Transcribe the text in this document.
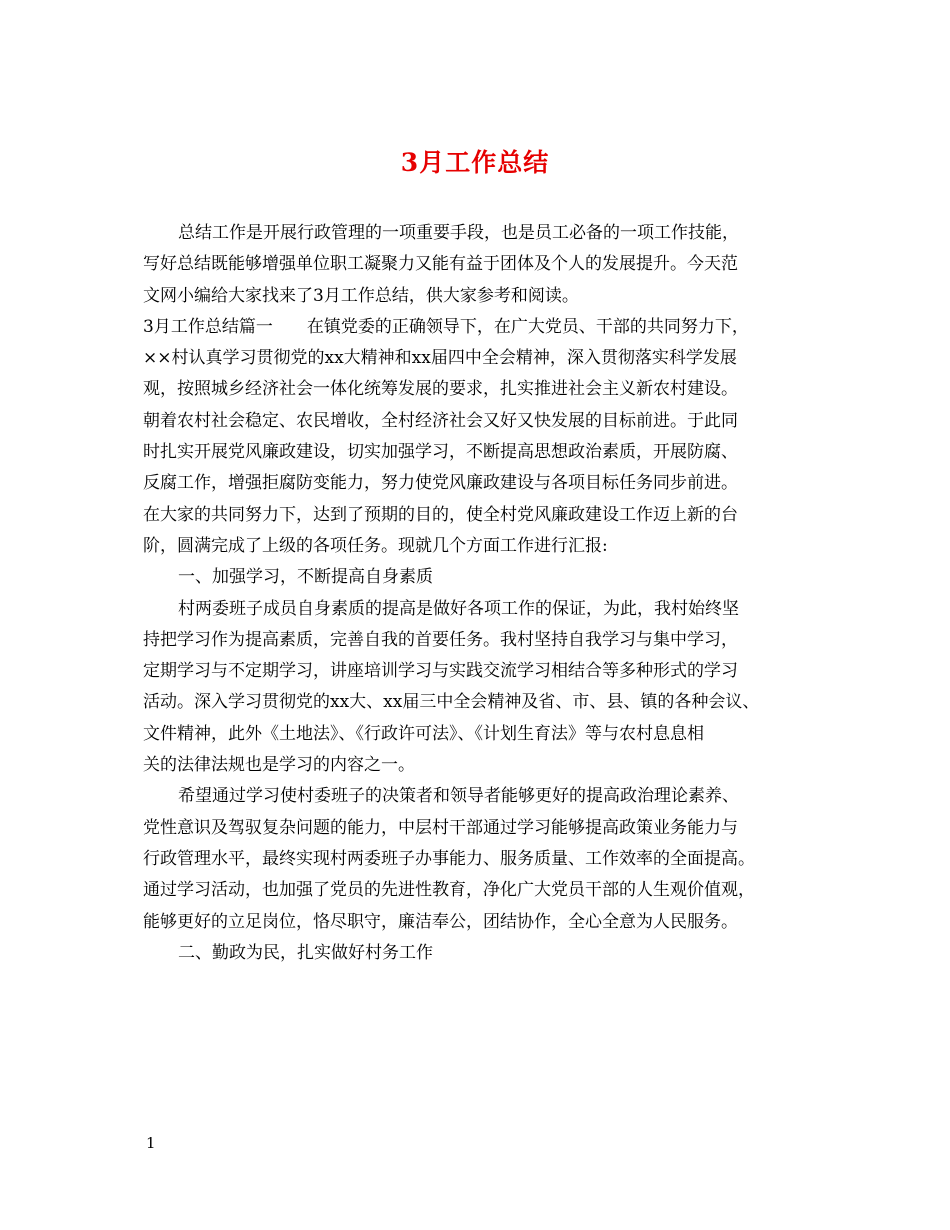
3月工作总结
总结工作是开展行政管理的一项重要手段，也是员工必备的一项工作技能，
写好总结既能够增强单位职工凝聚力又能有益于团体及个人的发展提升。今天范
文网小编给大家找来了3月工作总结，供大家参考和阅读。
3月工作总结篇一　　在镇党委的正确领导下，在广大党员、干部的共同努力下，
××村认真学习贯彻党的xx大精神和xx届四中全会精神，深入贯彻落实科学发展
观，按照城乡经济社会一体化统筹发展的要求，扎实推进社会主义新农村建设。
朝着农村社会稳定、农民增收，全村经济社会又好又快发展的目标前进。于此同
时扎实开展党风廉政建设，切实加强学习，不断提高思想政治素质，开展防腐、
反腐工作，增强拒腐防变能力，努力使党风廉政建设与各项目标任务同步前进。
在大家的共同努力下，达到了预期的目的，使全村党风廉政建设工作迈上新的台
阶，圆满完成了上级的各项任务。现就几个方面工作进行汇报:
一、加强学习，不断提高自身素质
村两委班子成员自身素质的提高是做好各项工作的保证，为此，我村始终坚
持把学习作为提高素质，完善自我的首要任务。我村坚持自我学习与集中学习，
定期学习与不定期学习，讲座培训学习与实践交流学习相结合等多种形式的学习
活动。深入学习贯彻党的xx大、xx届三中全会精神及省、市、县、镇的各种会议、
文件精神，此外《土地法》、《行政许可法》、《计划生育法》等与农村息息相
关的法律法规也是学习的内容之一。
希望通过学习使村委班子的决策者和领导者能够更好的提高政治理论素养、
党性意识及驾驭复杂问题的能力，中层村干部通过学习能够提高政策业务能力与
行政管理水平，最终实现村两委班子办事能力、服务质量、工作效率的全面提高。
通过学习活动，也加强了党员的先进性教育，净化广大党员干部的人生观价值观，
能够更好的立足岗位，恪尽职守，廉洁奉公，团结协作，全心全意为人民服务。
二、勤政为民，扎实做好村务工作
1
